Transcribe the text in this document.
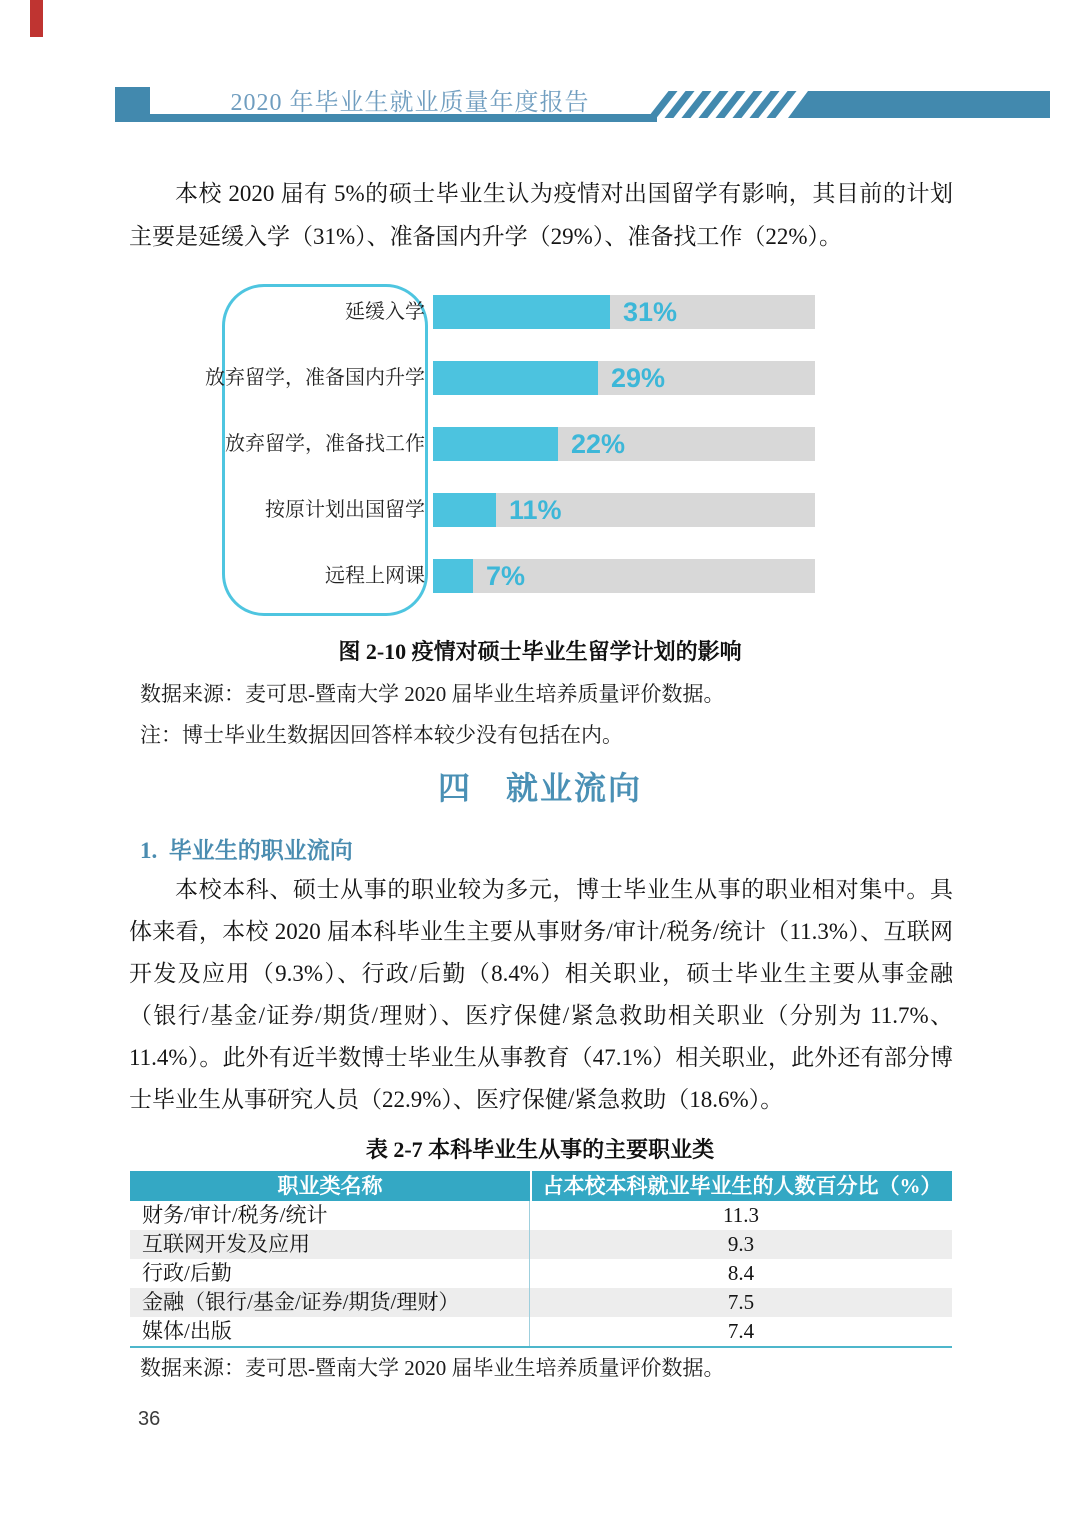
2020 年毕业生就业质量年度报告
本校 2020 届有 5%的硕士毕业生认为疫情对出国留学有影响，其目前的计划主要是延缓入学（31%）、准备国内升学（29%）、准备找工作（22%）。
延缓入学	31%
放弃留学，准备国内升学	29%
放弃留学，准备找工作	22%
按原计划出国留学	11%
远程上网课 7%
图 2-10 疫情对硕士毕业生留学计划的影响
数据来源：麦可思-暨南大学 2020 届毕业生培养质量评价数据。
注：博士毕业生数据因回答样本较少没有包括在内。
四　就业流向
1.  毕业生的职业流向
本校本科、硕士从事的职业较为多元，博士毕业生从事的职业相对集中。具体来看，本校 2020 届本科毕业生主要从事财务/审计/税务/统计（11.3%）、互联网开发及应用（9.3%）、行政/后勤（8.4%）相关职业，硕士毕业生主要从事金融（银行/基金/证券/期货/理财）、医疗保健/紧急救助相关职业（分别为 11.7%、11.4%）。此外有近半数博士毕业生从事教育（47.1%）相关职业，此外还有部分博士毕业生从事研究人员（22.9%）、医疗保健/紧急救助（18.6%）。
表 2-7 本科毕业生从事的主要职业类
职业类名称	占本校本科就业毕业生的人数百分比（%）
财务/审计/税务/统计	11.3
互联网开发及应用	9.3
行政/后勤	8.4
金融（银行/基金/证券/期货/理财）	7.5
媒体/出版	7.4
数据来源：麦可思-暨南大学 2020 届毕业生培养质量评价数据。
36
